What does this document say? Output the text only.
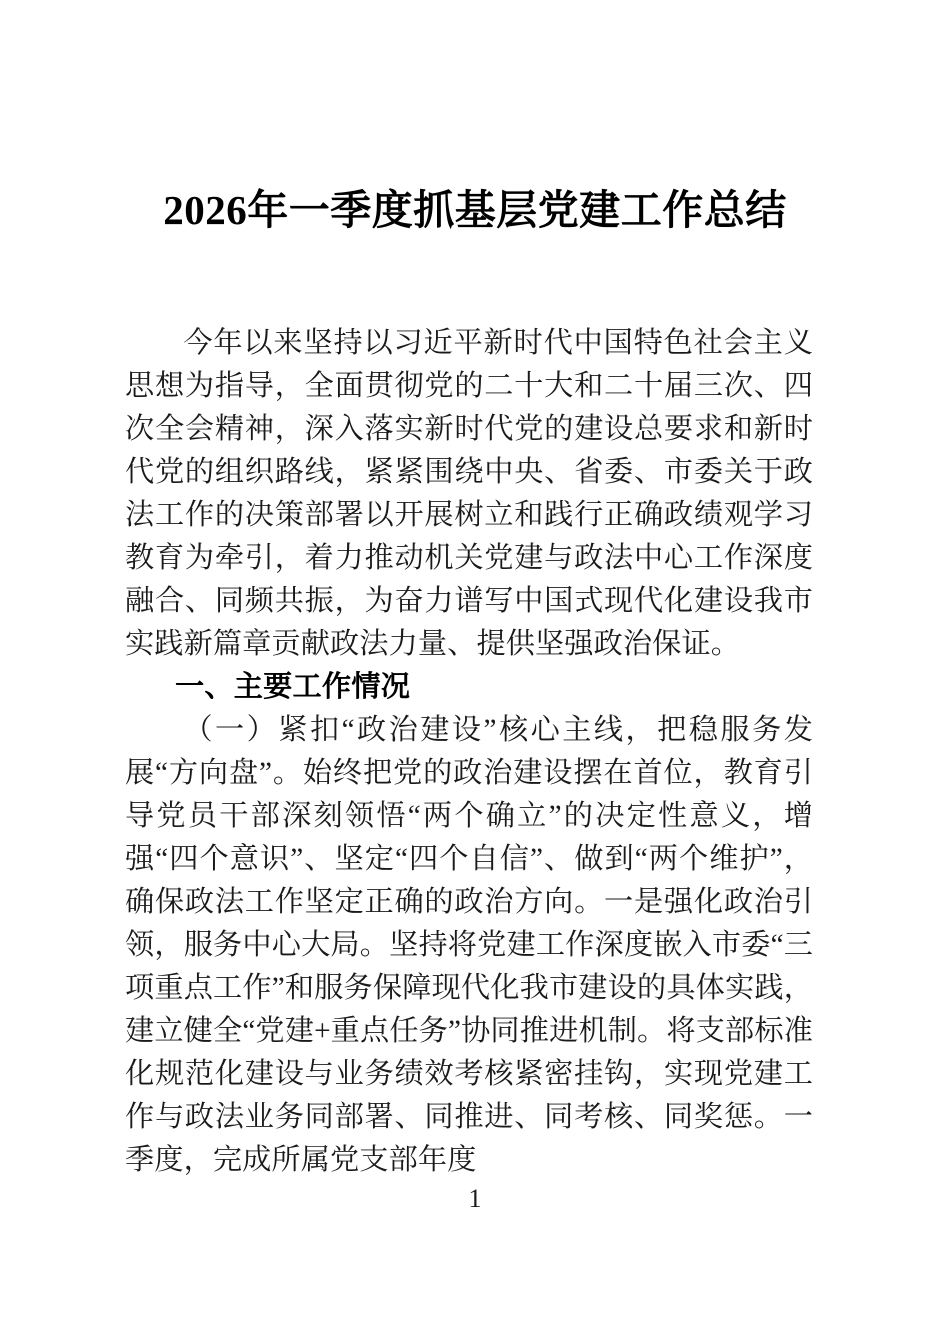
2026年一季度抓基层党建工作总结

今年以来坚持以习近平新时代中国特色社会主义思想为指导，全面贯彻党的二十大和二十届三次、四次全会精神，深入落实新时代党的建设总要求和新时代党的组织路线，紧紧围绕中央、省委、市委关于政法工作的决策部署以开展树立和践行正确政绩观学习教育为牵引，着力推动机关党建与政法中心工作深度融合、同频共振，为奋力谱写中国式现代化建设我市实践新篇章贡献政法力量、提供坚强政治保证。

一、主要工作情况

（一）紧扣“政治建设”核心主线，把稳服务发展“方向盘”。始终把党的政治建设摆在首位，教育引导党员干部深刻领悟“两个确立”的决定性意义，增强“四个意识”、坚定“四个自信”、做到“两个维护”，确保政法工作坚定正确的政治方向。一是强化政治引领，服务中心大局。坚持将党建工作深度嵌入市委“三项重点工作”和服务保障现代化我市建设的具体实践，建立健全“党建+重点任务”协同推进机制。将支部标准化规范化建设与业务绩效考核紧密挂钩，实现党建工作与政法业务同部署、同推进、同考核、同奖惩。一季度，完成所属党支部年度

1
